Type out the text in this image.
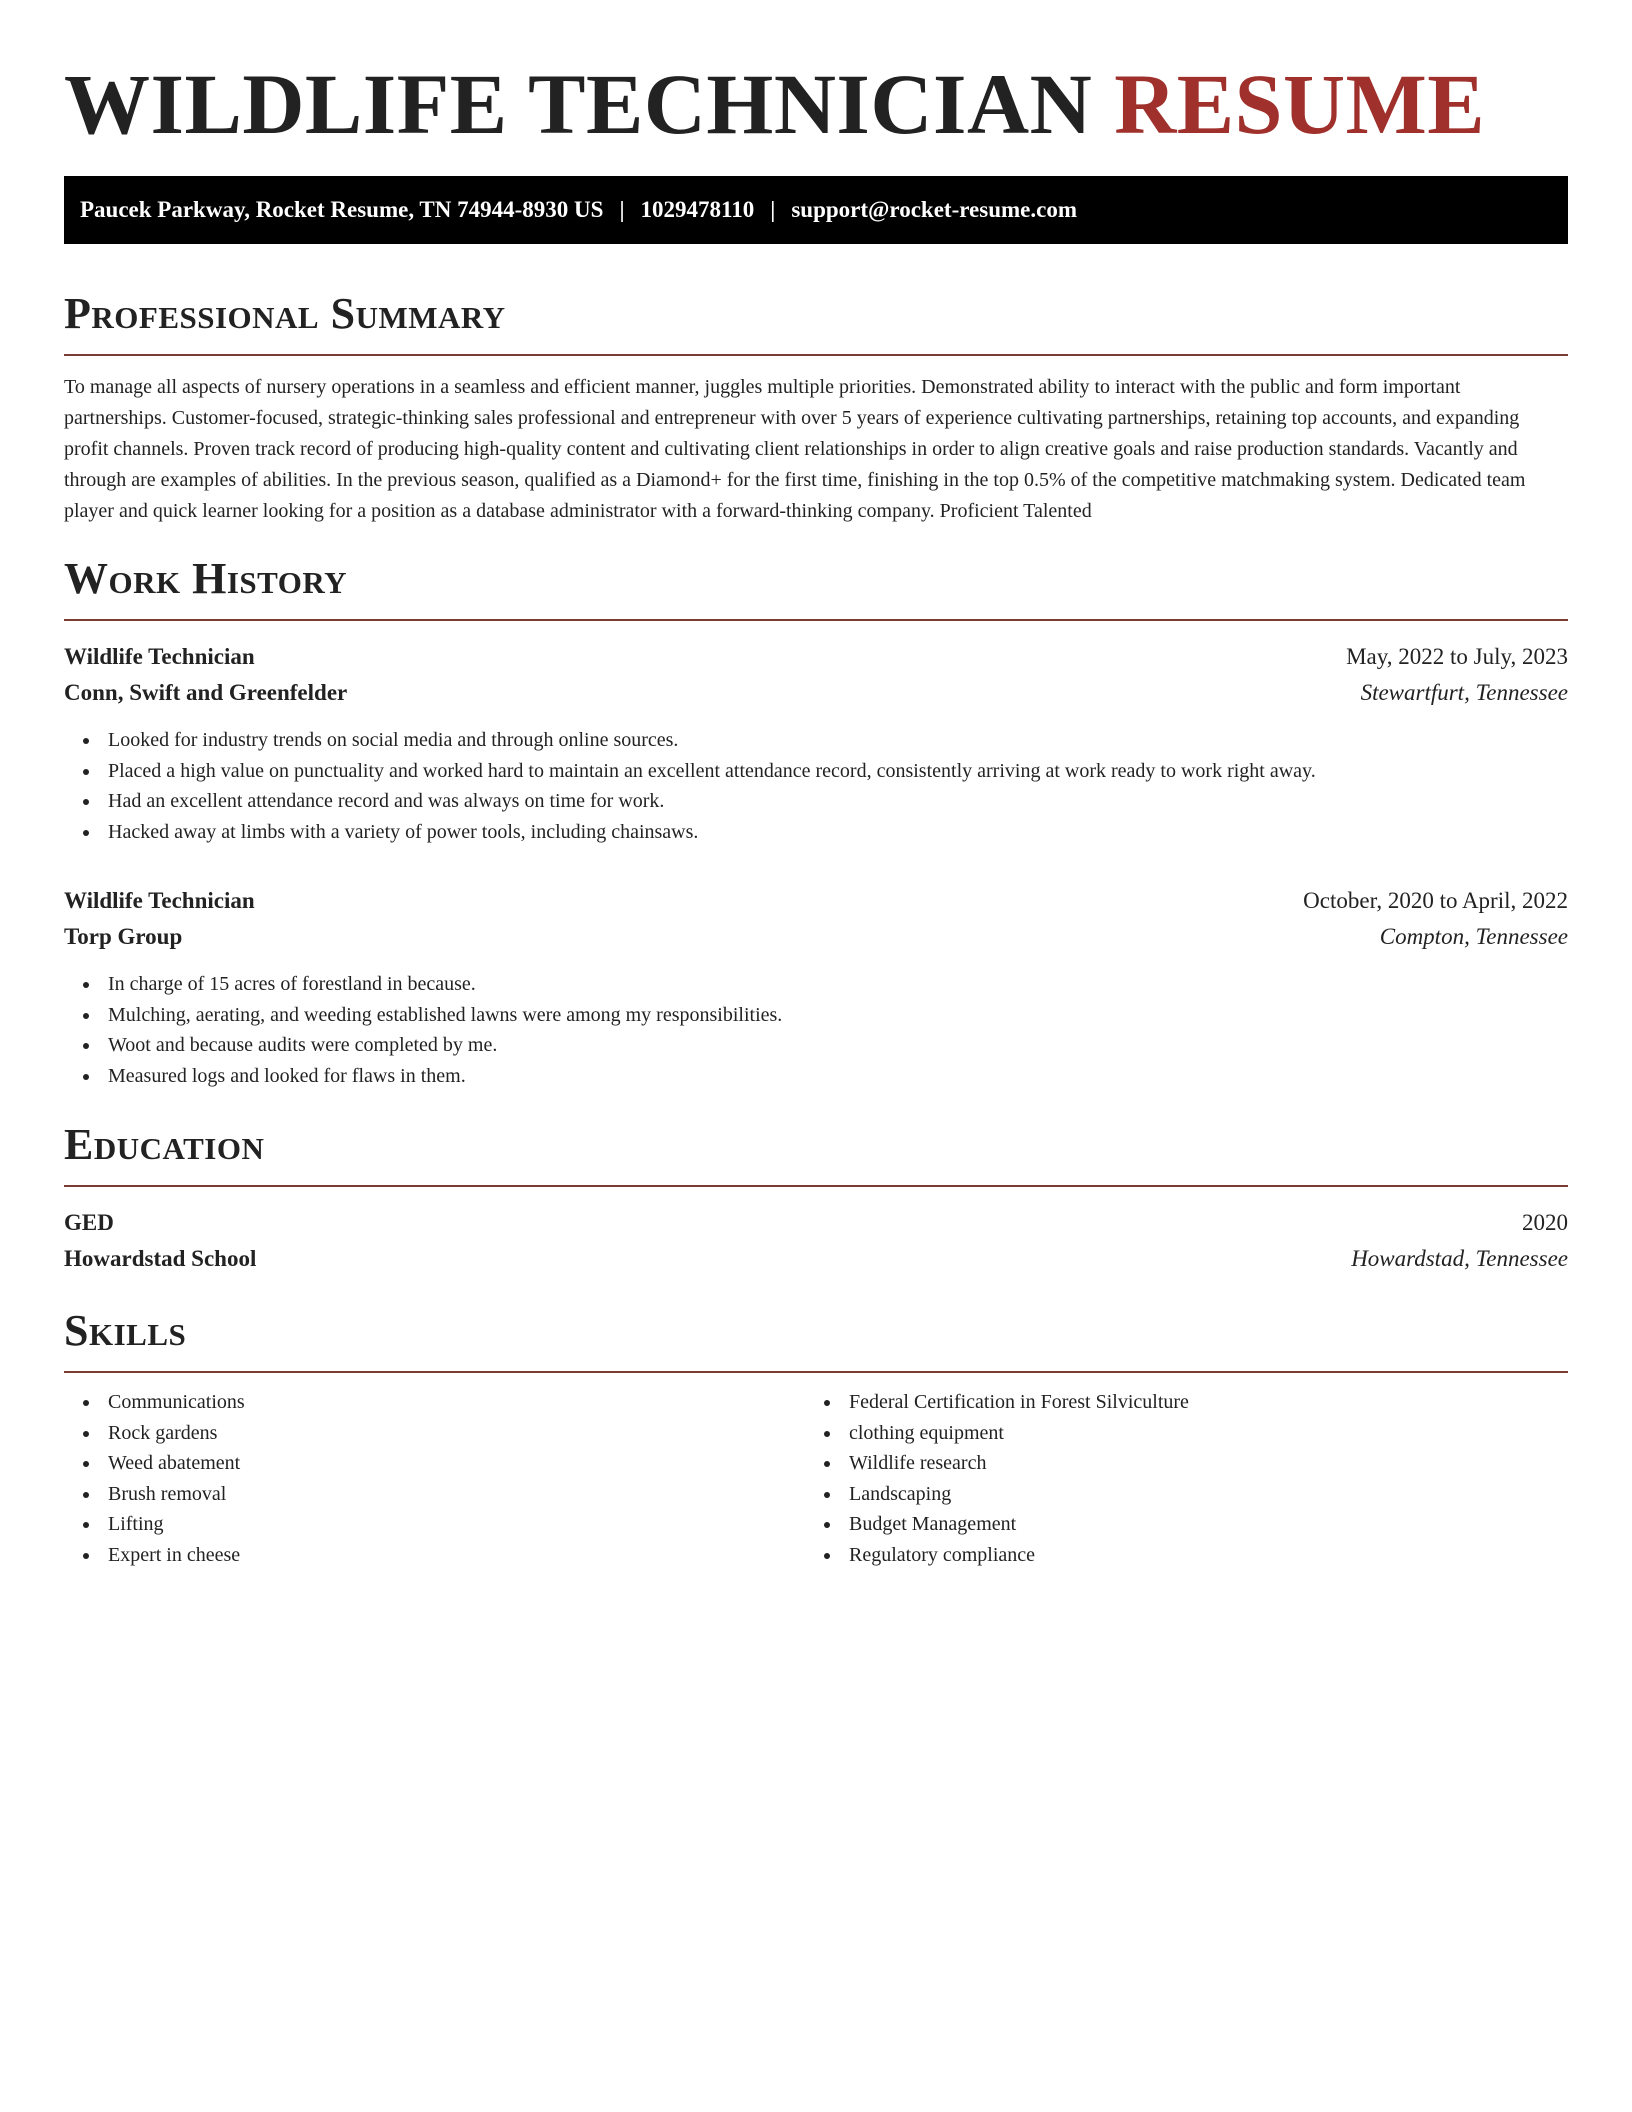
WILDLIFE TECHNICIAN RESUME
Paucek Parkway, Rocket Resume, TN 74944-8930 US | 1029478110 | support@rocket-resume.com
Professional Summary

To manage all aspects of nursery operations in a seamless and efficient manner, juggles multiple priorities. Demonstrated ability to interact with the public and form important partnerships. Customer-focused, strategic-thinking sales professional and entrepreneur with over 5 years of experience cultivating partnerships, retaining top accounts, and expanding profit channels. Proven track record of producing high-quality content and cultivating client relationships in order to align creative goals and raise production standards. Vacantly and through are examples of abilities. In the previous season, qualified as a Diamond+ for the first time, finishing in the top 0.5% of the competitive matchmaking system. Dedicated team player and quick learner looking for a position as a database administrator with a forward-thinking company. Proficient Talented

Work History
Wildlife Technician	May, 2022 to July, 2023
Conn, Swift and Greenfelder	Stewartfurt, Tennessee
Looked for industry trends on social media and through online sources.
Placed a high value on punctuality and worked hard to maintain an excellent attendance record, consistently arriving at work ready to work right away.
Had an excellent attendance record and was always on time for work.
Hacked away at limbs with a variety of power tools, including chainsaws.
Wildlife Technician	October, 2020 to April, 2022
Torp Group	Compton, Tennessee
In charge of 15 acres of forestland in because.
Mulching, aerating, and weeding established lawns were among my responsibilities.
Woot and because audits were completed by me.
Measured logs and looked for flaws in them.
Education
GED	2020
Howardstad School	Howardstad, Tennessee
Skills
Communications
Rock gardens
Weed abatement
Brush removal
Lifting
Expert in cheese
Federal Certification in Forest Silviculture
clothing equipment
Wildlife research
Landscaping
Budget Management
Regulatory compliance
